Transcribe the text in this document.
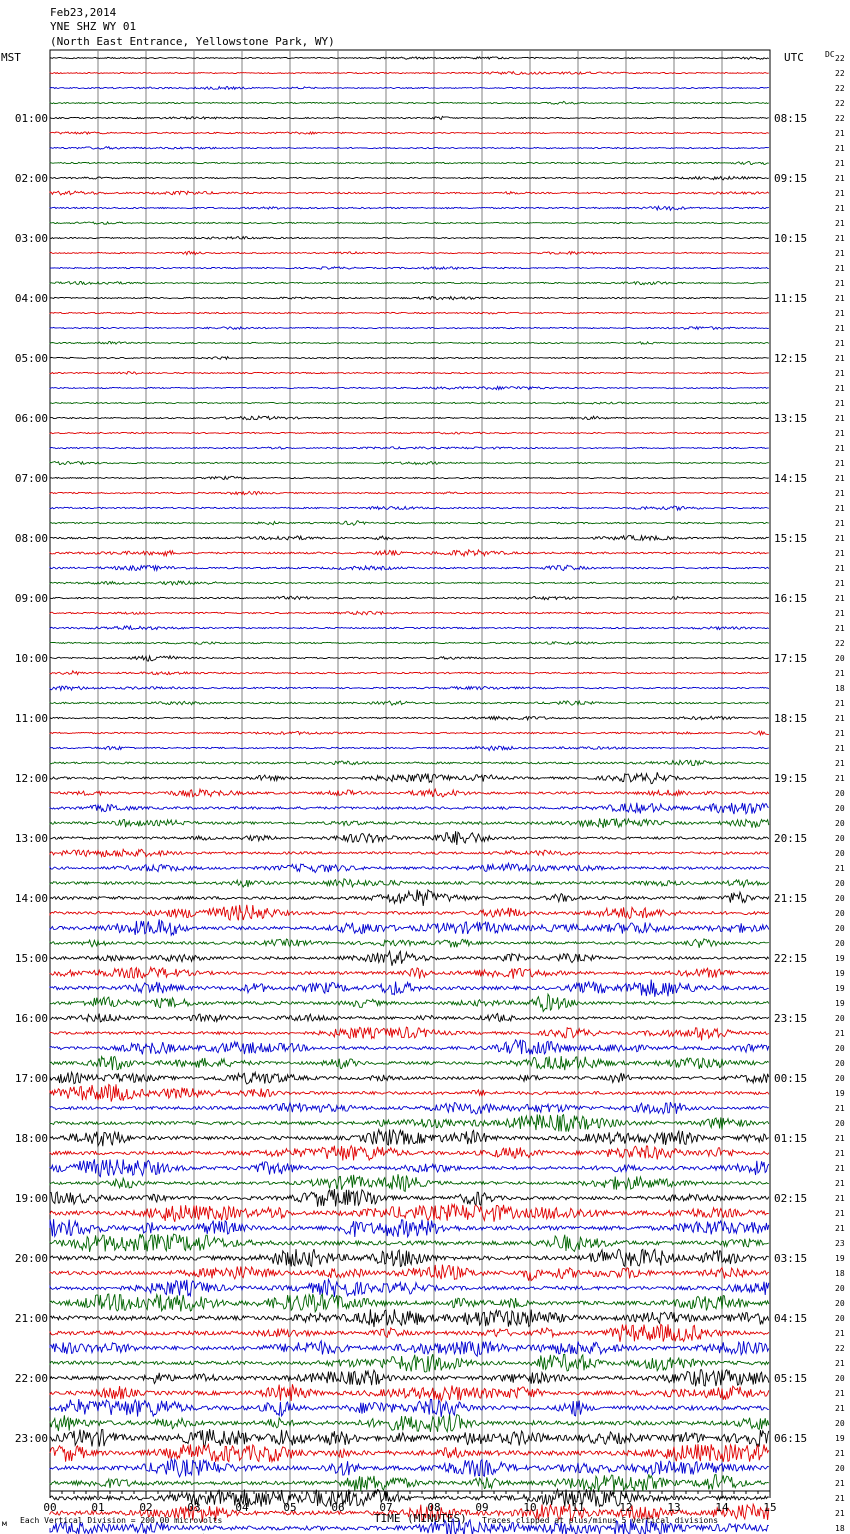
Feb23,2014
YNE SHZ WY 01
(North East Entrance, Yellowstone Park, WY)
MST	UTC	DC
00	01	02	03	04	05	06	07	08	09	10	11	12	13	14	15
22
22
22
22
22
21
21
21
21
21
21
21
21
21
21
21
21
21
21
21
21
21
21
21
21
21
21
21
21
21
21
21
21
21
21
21
21
21
21
22
20
21
18
21
21
21
21
21
21
20
20
20
20
20
21
20
20
20
20
20
19
19
19
19
20
21
20
20
20
19
21
20
21
21
21
21
21
21
21
23
19
18
20
20
20
21
22
21
20
21
21
20
19
21
20
21
21
21
18
01:00
02:00
03:00
04:00
05:00
06:00
07:00
08:00
09:00
10:00
11:00
12:00
13:00
14:00
15:00
16:00
17:00
18:00
19:00
20:00
21:00
22:00
23:00
08:15
09:15
10:15
11:15
12:15
13:15
14:15
15:15
16:15
17:15
18:15
19:15
20:15
21:15
22:15
23:15
00:15
01:15
02:15
03:15
04:15
05:15
06:15
Each Vertical Division = 200.00 microvolts	TIME (MINUTES) Traces clipped at plus/minus 5 vertical divisions
м
